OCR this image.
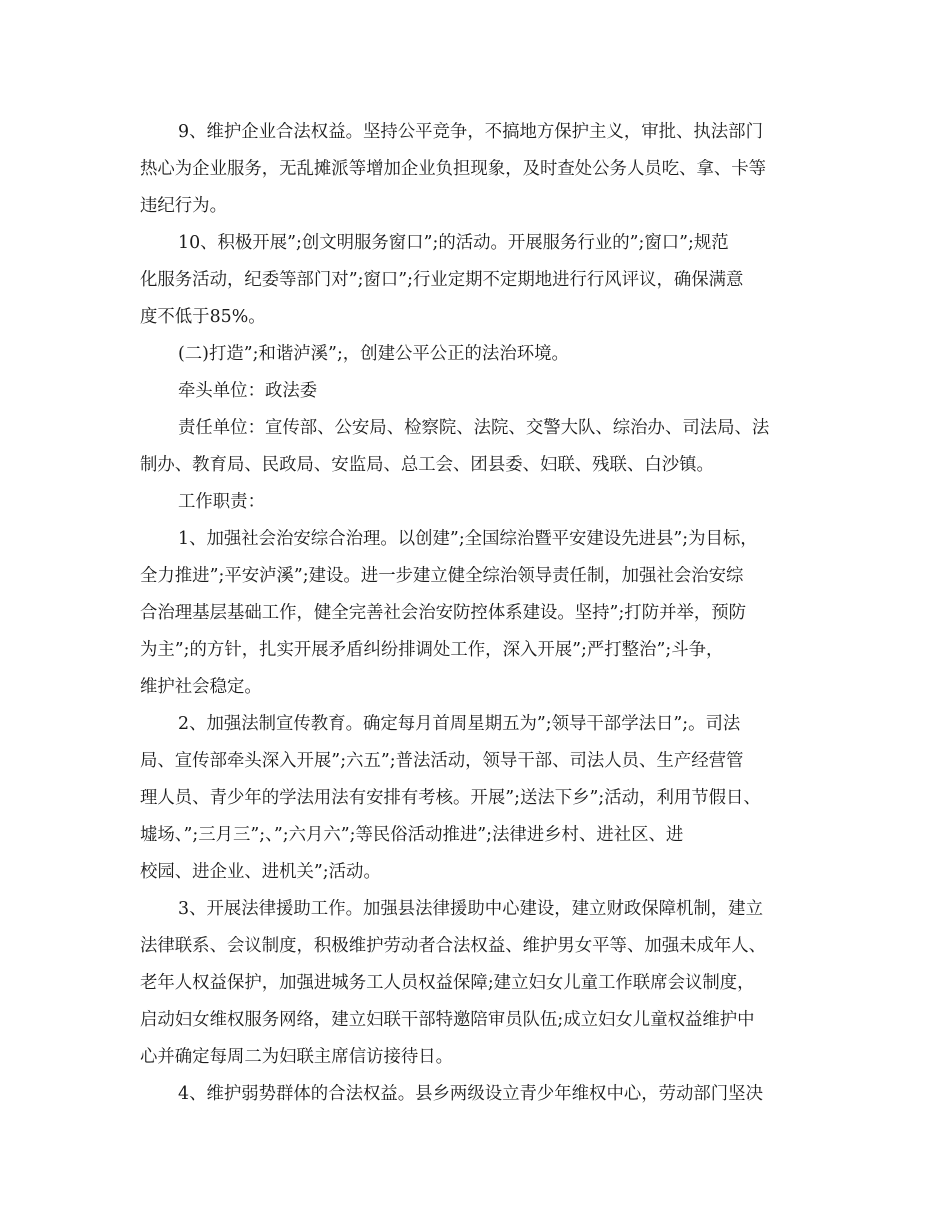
9、维护企业合法权益。坚持公平竞争，不搞地方保护主义，审批、执法部门
热心为企业服务，无乱摊派等增加企业负担现象，及时查处公务人员吃、拿、卡等
违纪行为。
10、积极开展”;创文明服务窗口”;的活动。开展服务行业的”;窗口”;规范
化服务活动，纪委等部门对”;窗口”;行业定期不定期地进行行风评议，确保满意
度不低于85%。
(二)打造”;和谐泸溪”;，创建公平公正的法治环境。
牵头单位：政法委
责任单位：宣传部、公安局、检察院、法院、交警大队、综治办、司法局、法
制办、教育局、民政局、安监局、总工会、团县委、妇联、残联、白沙镇。
工作职责：
1、加强社会治安综合治理。以创建”;全国综治暨平安建设先进县”;为目标，
全力推进”;平安泸溪”;建设。进一步建立健全综治领导责任制，加强社会治安综
合治理基层基础工作，健全完善社会治安防控体系建设。坚持”;打防并举，预防
为主”;的方针，扎实开展矛盾纠纷排调处工作，深入开展”;严打整治”;斗争，
维护社会稳定。
2、加强法制宣传教育。确定每月首周星期五为”;领导干部学法日”;。司法
局、宣传部牵头深入开展”;六五”;普法活动，领导干部、司法人员、生产经营管
理人员、青少年的学法用法有安排有考核。开展”;送法下乡”;活动，利用节假日、
墟场、”;三月三”;、”;六月六”;等民俗活动推进”;法律进乡村、进社区、进
校园、进企业、进机关”;活动。
3、开展法律援助工作。加强县法律援助中心建设，建立财政保障机制，建立
法律联系、会议制度，积极维护劳动者合法权益、维护男女平等、加强未成年人、
老年人权益保护，加强进城务工人员权益保障;建立妇女儿童工作联席会议制度，
启动妇女维权服务网络，建立妇联干部特邀陪审员队伍;成立妇女儿童权益维护中
心并确定每周二为妇联主席信访接待日。
4、维护弱势群体的合法权益。县乡两级设立青少年维权中心，劳动部门坚决
